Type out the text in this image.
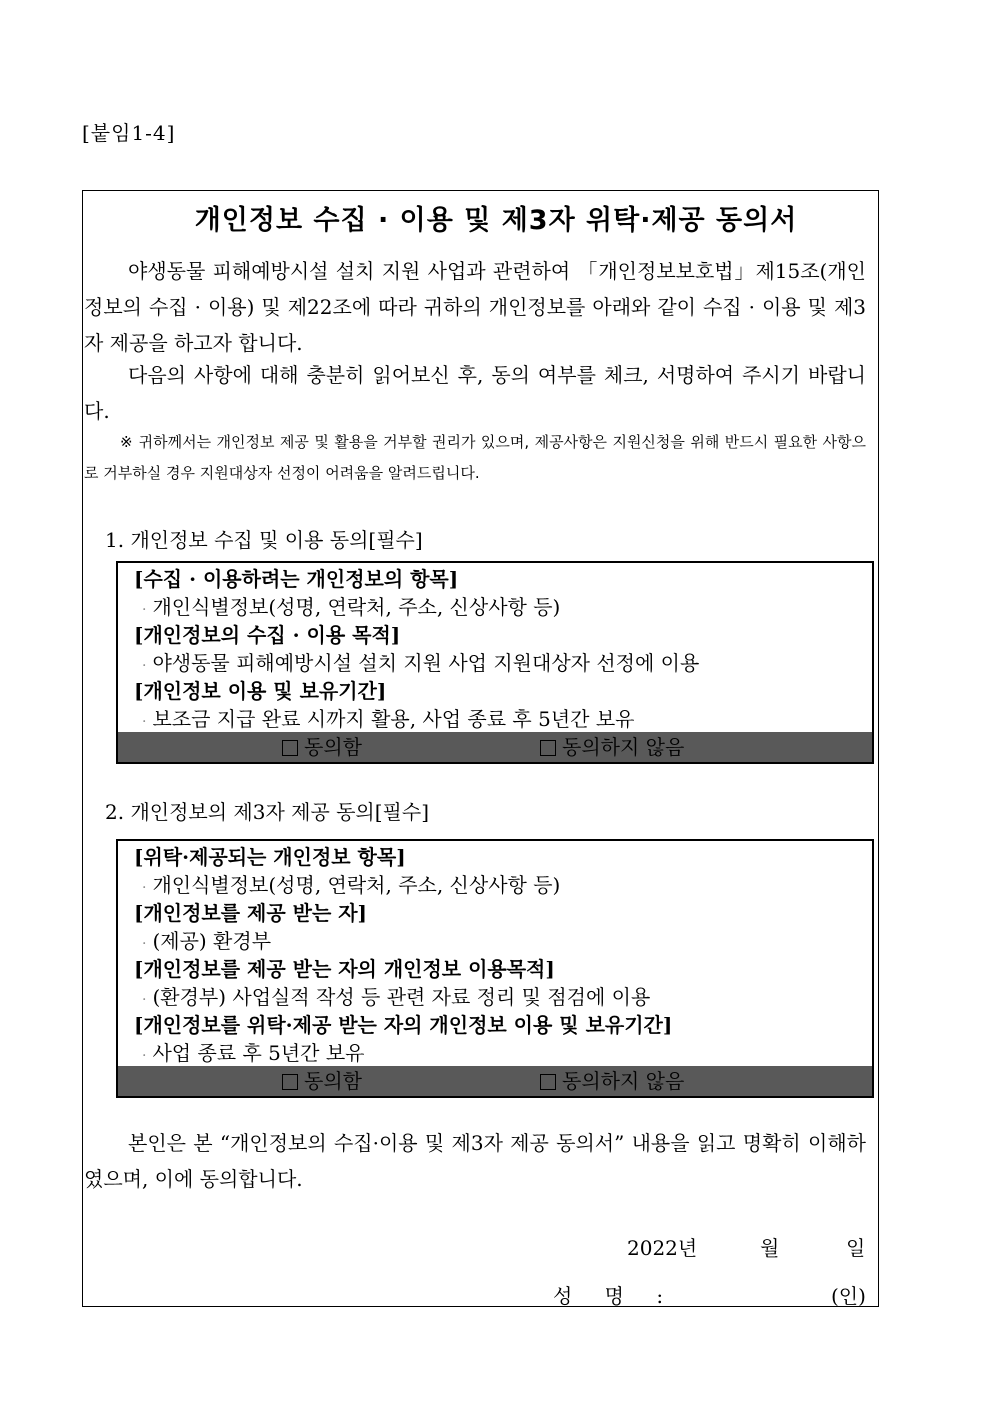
[붙임1-4]
개인정보 수집 · 이용 및 제3자 위탁·제공 동의서

야생동물 피해예방시설 설치 지원 사업과 관련하여 「개인정보보호법」제15조(개인정보의 수집 · 이용) 및 제22조에 따라 귀하의 개인정보를 아래와 같이 수집 · 이용 및 제3자 제공을 하고자 합니다.

다음의 사항에 대해 충분히 읽어보신 후, 동의 여부를 체크, 서명하여 주시기 바랍니다.

※ 귀하께서는 개인정보 제공 및 활용을 거부할 권리가 있으며, 제공사항은 지원신청을 위해 반드시 필요한 사항으로 거부하실 경우 지원대상자 선정이 어려움을 알려드립니다.

1. 개인정보 수집 및 이용 동의[필수]
[수집 · 이용하려는 개인정보의 항목]
· 개인식별정보(성명, 연락처, 주소, 신상사항 등)
[개인정보의 수집 · 이용 목적]
· 야생동물 피해예방시설 설치 지원 사업 지원대상자 선정에 이용
[개인정보 이용 및 보유기간]
· 보조금 지급 완료 시까지 활용, 사업 종료 후 5년간 보유
동의함	동의하지 않음
2. 개인정보의 제3자 제공 동의[필수]
[위탁·제공되는 개인정보 항목]
· 개인식별정보(성명, 연락처, 주소, 신상사항 등)
[개인정보를 제공 받는 자]
· (제공) 환경부
[개인정보를 제공 받는 자의 개인정보 이용목적]
· (환경부) 사업실적 작성 등 관련 자료 정리 및 점검에 이용
[개인정보를 위탁·제공 받는 자의 개인정보 이용 및 보유기간]
· 사업 종료 후 5년간 보유
동의함	동의하지 않음

본인은 본 “개인정보의 수집·이용 및 제3자 제공 동의서” 내용을 읽고 명확히 이해하였으며, 이에 동의합니다.

2022년	월	일
성 명 :	(인)
